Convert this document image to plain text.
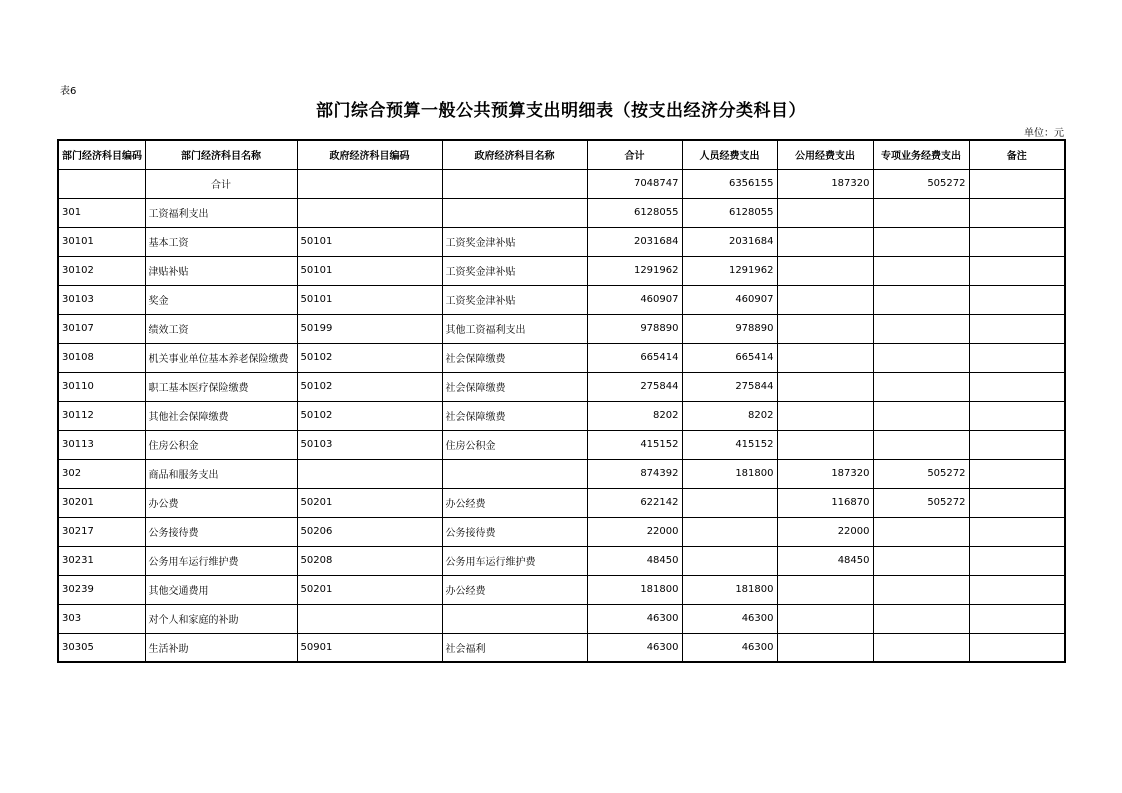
表6
部门综合预算一般公共预算支出明细表（按支出经济分类科目）
单位：元
部门经济科目编码	部门经济科目名称	政府经济科目编码	政府经济科目名称	合计	人员经费支出	公用经费支出	专项业务经费支出	备注
	合计			7048747	6356155	187320	505272	
301	工资福利支出			6128055	6128055			
30101	基本工资	50101	工资奖金津补贴	2031684	2031684			
30102	津贴补贴	50101	工资奖金津补贴	1291962	1291962			
30103	奖金	50101	工资奖金津补贴	460907	460907			
30107	绩效工资	50199	其他工资福利支出	978890	978890			
30108	机关事业单位基本养老保险缴费	50102	社会保障缴费	665414	665414			
30110	职工基本医疗保险缴费	50102	社会保障缴费	275844	275844			
30112	其他社会保障缴费	50102	社会保障缴费	8202	8202			
30113	住房公积金	50103	住房公积金	415152	415152			
302	商品和服务支出			874392	181800	187320	505272	
30201	办公费	50201	办公经费	622142		116870	505272	
30217	公务接待费	50206	公务接待费	22000		22000		
30231	公务用车运行维护费	50208	公务用车运行维护费	48450		48450		
30239	其他交通费用	50201	办公经费	181800	181800			
303	对个人和家庭的补助			46300	46300			
30305	生活补助	50901	社会福利	46300	46300			
